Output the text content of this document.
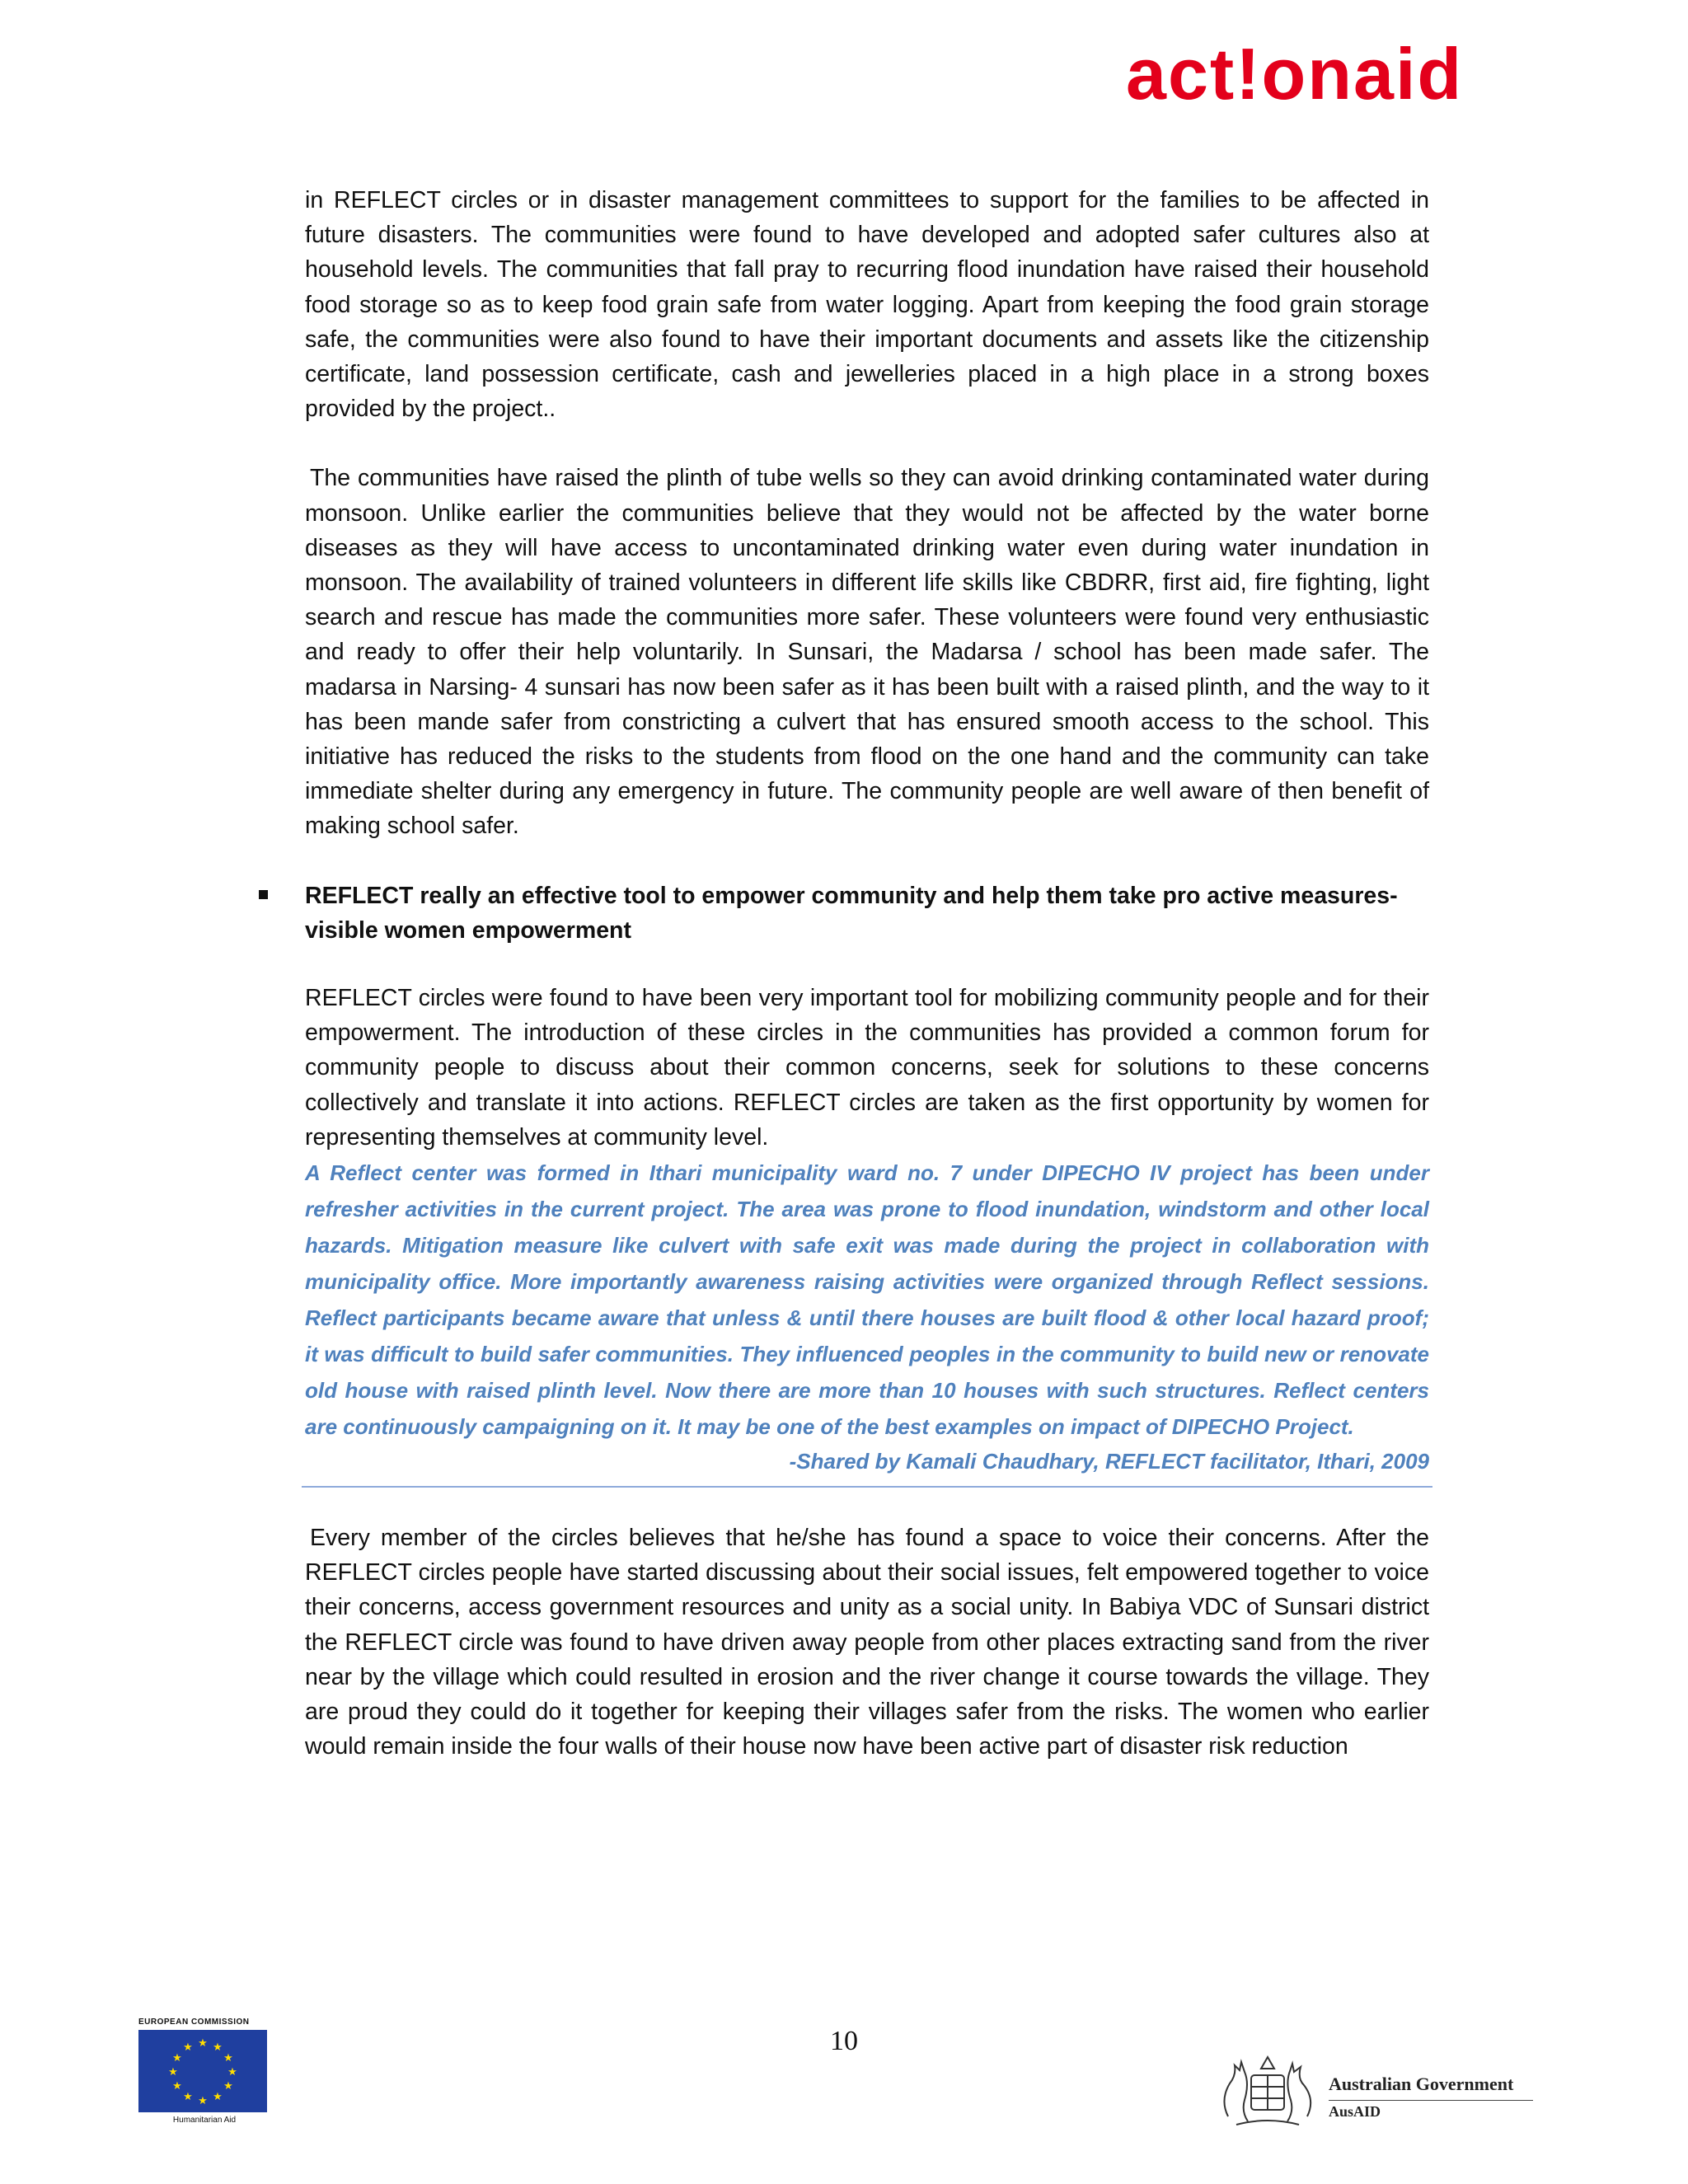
act!onaid

in REFLECT circles or in disaster management committees to support for the families to be affected in future disasters. The communities were found to have developed and adopted safer cultures also at household levels. The communities that fall pray to recurring flood inundation have raised their household food storage so as to keep food grain safe from water logging. Apart from keeping the food grain storage safe, the communities were also found to have their important documents and assets like the citizenship certificate, land possession certificate, cash and jewelleries placed in a high place in a strong boxes provided by the project..

The communities have raised the plinth of tube wells so they can avoid drinking contaminated water during monsoon. Unlike earlier the communities believe that they would not be affected by the water borne diseases as they will have access to uncontaminated drinking water even during water inundation in monsoon. The availability of trained volunteers in different life skills like CBDRR, first aid, fire fighting, light search and rescue has made the communities more safer. These volunteers were found very enthusiastic and ready to offer their help voluntarily. In Sunsari, the Madarsa / school has been made safer. The madarsa in Narsing- 4 sunsari has now been safer as it has been built with a raised plinth, and the way to it has been mande safer from constricting a culvert that has ensured smooth access to the school. This initiative has reduced the risks to the students from flood on the one hand and the community can take immediate shelter during any emergency in future. The community people are well aware of then benefit of making school safer.

REFLECT really an effective tool to empower community and help them take pro active measures- visible women empowerment

REFLECT circles were found to have been very important tool for mobilizing community people and for their empowerment. The introduction of these circles in the communities has provided a common forum for community people to discuss about their common concerns, seek for solutions to these concerns collectively and translate it into actions. REFLECT circles are taken as the first opportunity by women for representing themselves at community level.

A Reflect center was formed in Ithari municipality ward no. 7 under DIPECHO IV project has been under refresher activities in the current project. The area was prone to flood inundation, windstorm and other local hazards. Mitigation measure like culvert with safe exit was made during the project in collaboration with municipality office. More importantly awareness raising activities were organized through Reflect sessions. Reflect participants became aware that unless & until there houses are built flood & other local hazard proof; it was difficult to build safer communities. They influenced peoples in the community to build new or renovate old house with raised plinth level. Now there are more than 10 houses with such structures. Reflect centers are continuously campaigning on it. It may be one of the best examples on impact of DIPECHO Project.

-Shared by Kamali Chaudhary, REFLECT facilitator, Ithari, 2009

Every member of the circles believes that he/she has found a space to voice their concerns. After the REFLECT circles people have started discussing about their social issues, felt empowered together to voice their concerns, access government resources and unity as a social unity. In Babiya VDC of Sunsari district the REFLECT circle was found to have driven away people from other places extracting sand from the river near by the village which could resulted in erosion and the river change it course towards the village. They are proud they could do it together for keeping their villages safer from the risks. The women who earlier would remain inside the four walls of their house now have been active part of disaster risk reduction

10
EUROPEAN COMMISSION
★ ★
★
★
★
★
★
★
★
★
★
★
Humanitarian Aid
Australian Government
AusAID
